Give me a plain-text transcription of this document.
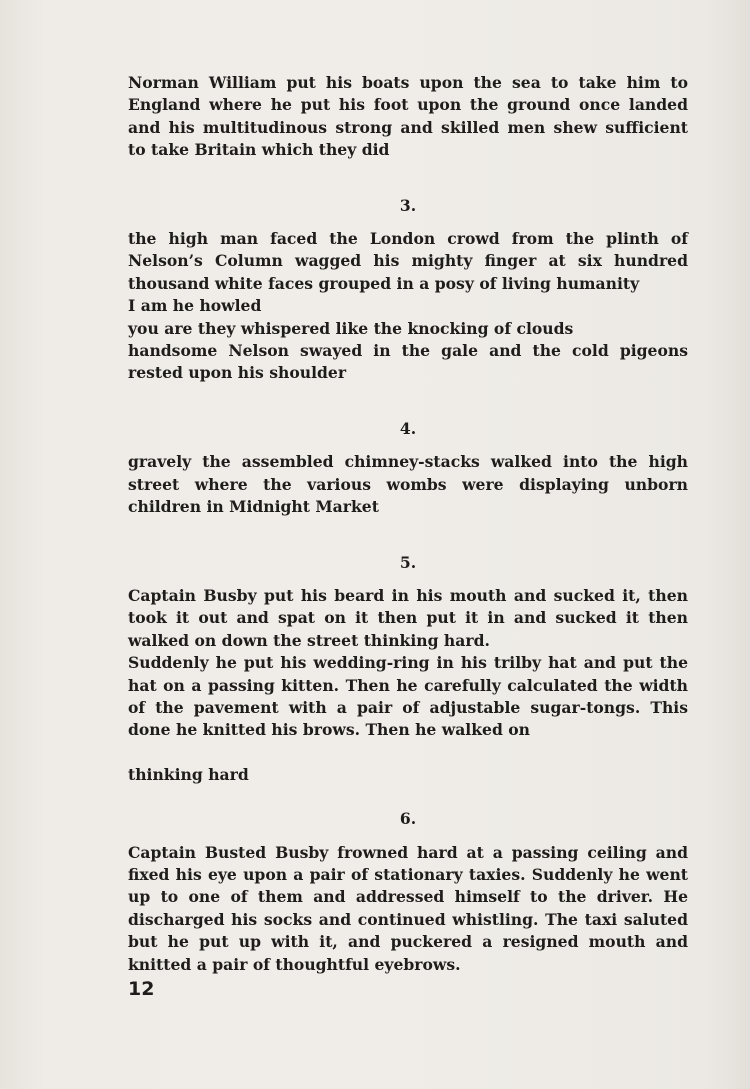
Norman William put his boats upon the sea to take him to England where he put his foot upon the ground once landed and his multitudinous strong and skilled men shew sufficient to take Britain which they did

3.

the high man faced the London crowd from the plinth of Nelson’s Column wagged his mighty finger at six hundred thousand white faces grouped in a posy of living humanity

I am he howled

you are they whispered like the knocking of clouds

handsome Nelson swayed in the gale and the cold pigeons rested upon his shoulder

4.

gravely the assembled chimney-stacks walked into the high street where the various wombs were displaying unborn children in Midnight Market

5.

Captain Busby put his beard in his mouth and sucked it, then took it out and spat on it then put it in and sucked it then walked on down the street thinking hard.

Suddenly he put his wedding-ring in his trilby hat and put the hat on a passing kitten. Then he carefully calculated the width of the pavement with a pair of adjustable sugar-tongs. This done he knitted his brows. Then he walked on

thinking hard

6.

Captain Busted Busby frowned hard at a passing ceiling and fixed his eye upon a pair of stationary taxies. Suddenly he went up to one of them and addressed himself to the driver. He discharged his socks and continued whistling. The taxi saluted but he put up with it, and puckered a resigned mouth and knitted a pair of thoughtful eyebrows.

12
